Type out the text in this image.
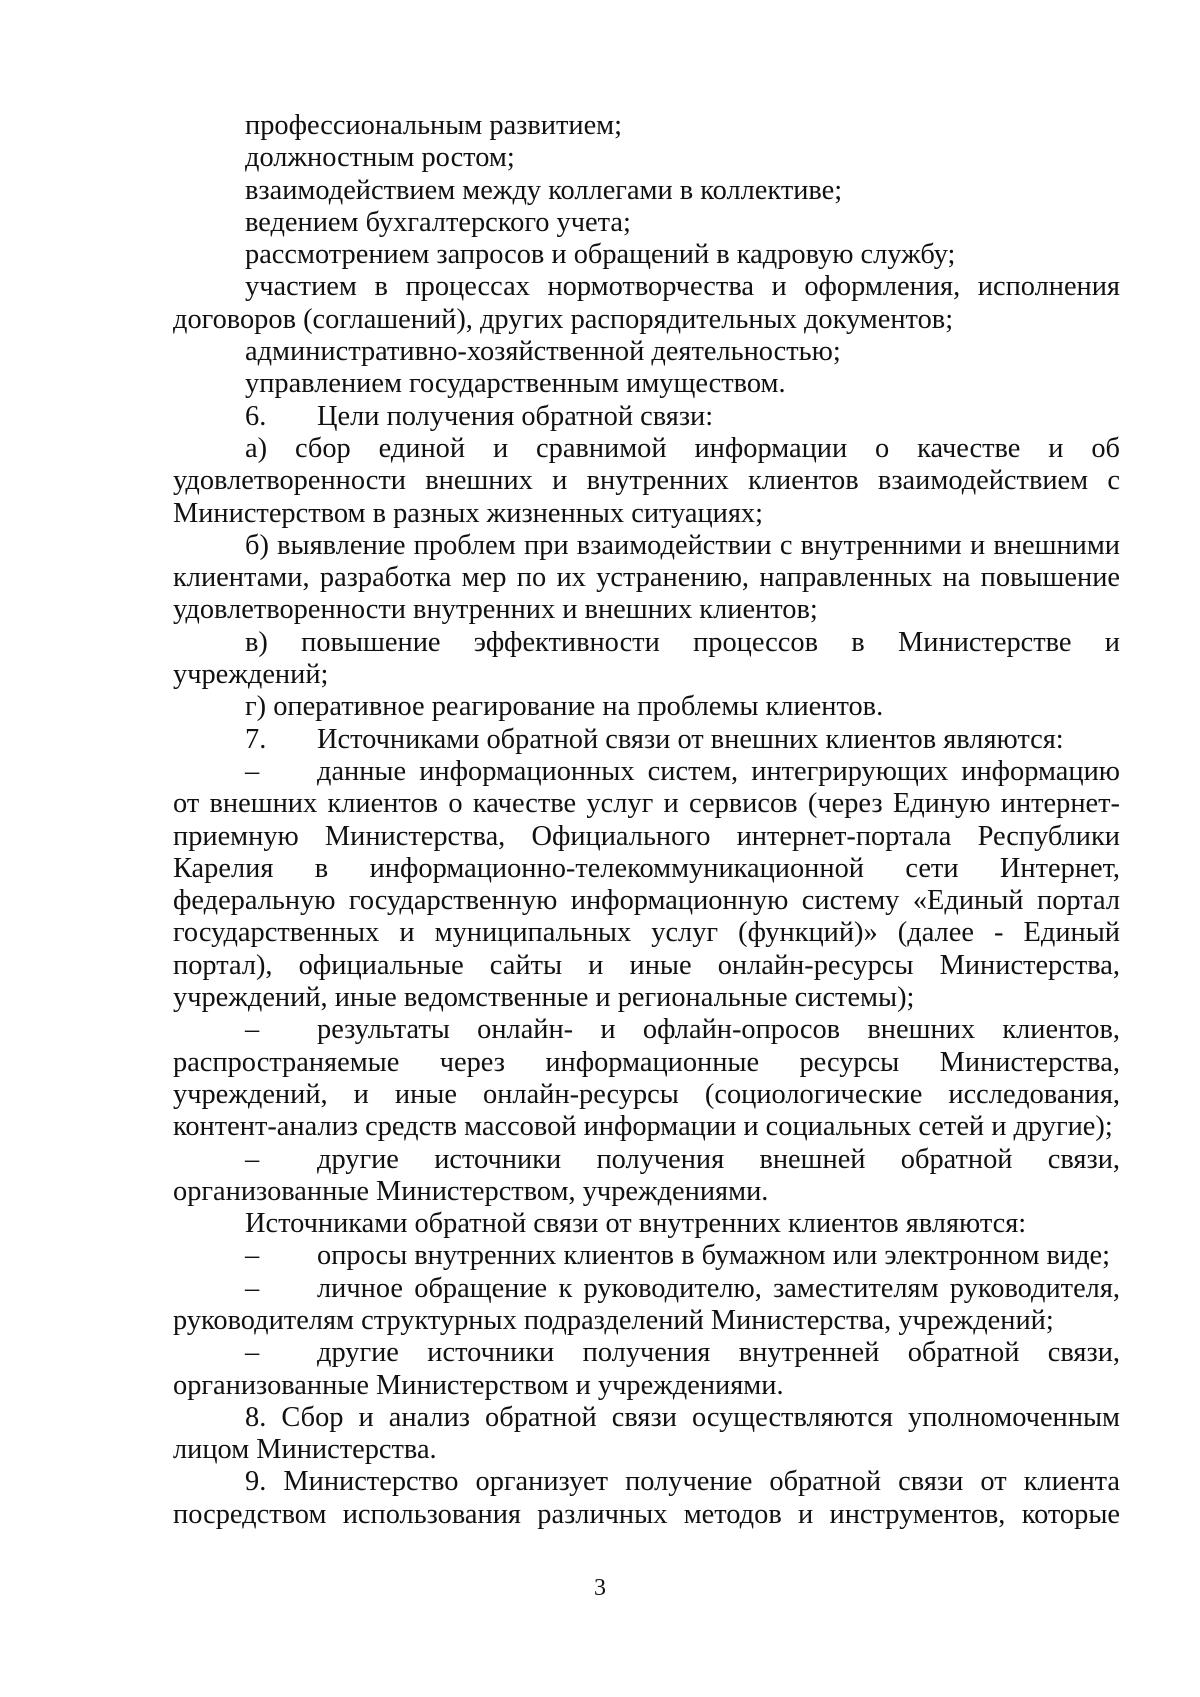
профессиональным развитием;
должностным ростом;
взаимодействием между коллегами в коллективе;
ведением бухгалтерского учета;
рассмотрением запросов и обращений в кадровую службу;
участием в процессах нормотворчества и оформления, исполнения
договоров (соглашений), других распорядительных документов;
административно-хозяйственной деятельностью;
управлением государственным имуществом.
6. Цели получения обратной связи:
а) сбор единой и сравнимой информации о качестве и об
удовлетворенности внешних и внутренних клиентов взаимодействием с
Министерством в разных жизненных ситуациях;
б) выявление проблем при взаимодействии с внутренними и внешними
клиентами, разработка мер по их устранению, направленных на повышение
удовлетворенности внутренних и внешних клиентов;
в) повышение эффективности процессов в Министерстве и
учреждений;
г) оперативное реагирование на проблемы клиентов.
7. Источниками обратной связи от внешних клиентов являются:
–	данные информационных систем, интегрирующих информацию
от внешних клиентов о качестве услуг и сервисов (через Единую интернет-
приемную Министерства, Официального интернет-портала Республики
Карелия в информационно-телекоммуникационной сети Интернет,
федеральную государственную информационную систему «Единый портал
государственных и муниципальных услуг (функций)» (далее - Единый
портал), официальные сайты и иные онлайн-ресурсы Министерства,
учреждений, иные ведомственные и региональные системы);
–	результаты онлайн- и офлайн-опросов внешних клиентов,
распространяемые через информационные ресурсы Министерства,
учреждений, и иные онлайн-ресурсы (социологические исследования,
контент-анализ средств массовой информации и социальных сетей и другие);
–	другие источники получения внешней обратной связи,
организованные Министерством, учреждениями.
Источниками обратной связи от внутренних клиентов являются:
–	опросы внутренних клиентов в бумажном или электронном виде;
–	личное обращение к руководителю, заместителям руководителя,
руководителям структурных подразделений Министерства, учреждений;
–	другие источники получения внутренней обратной связи,
организованные Министерством и учреждениями.
8. Сбор и анализ обратной связи осуществляются уполномоченным
лицом Министерства.
9. Министерство организует получение обратной связи от клиента
посредством использования различных методов и инструментов, которые
3
